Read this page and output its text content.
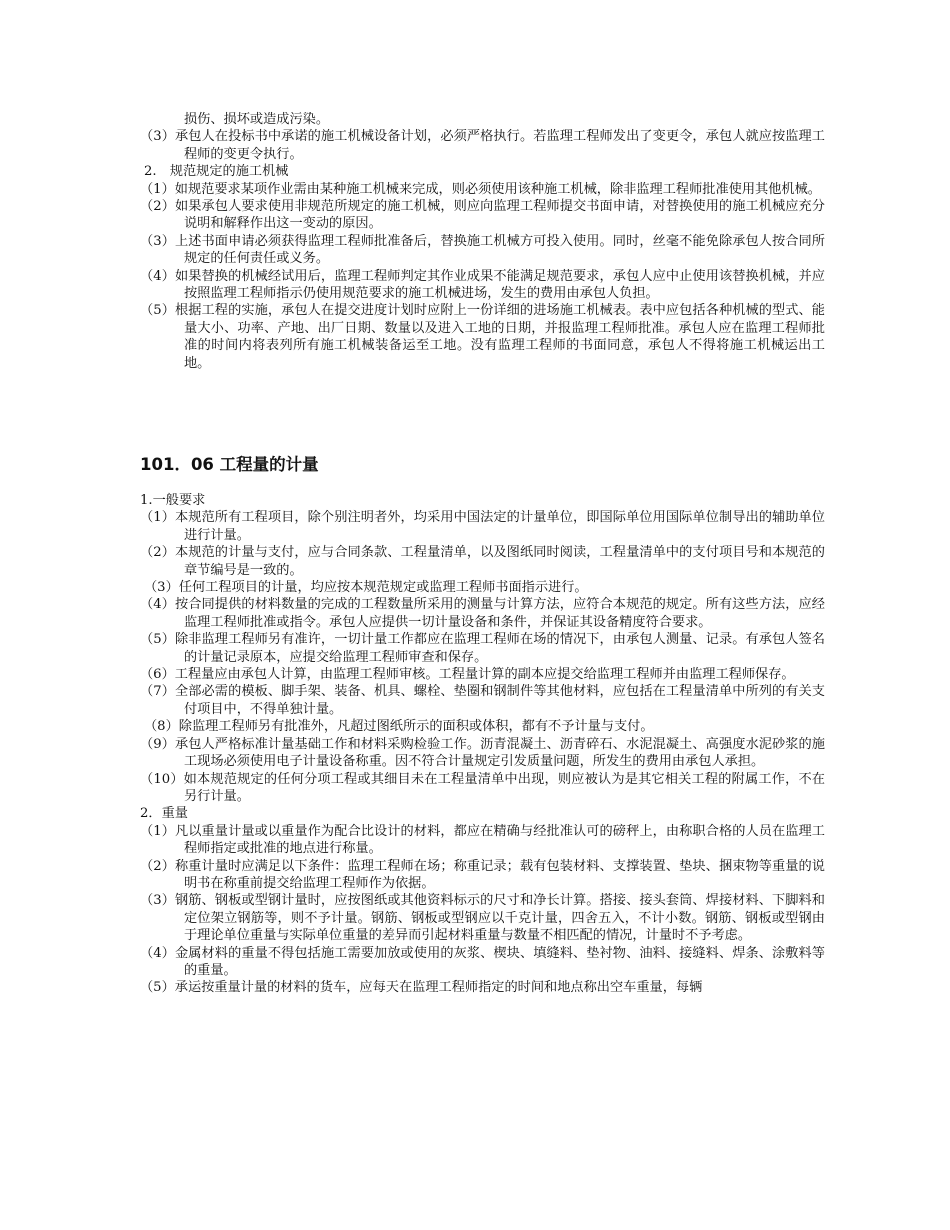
损伤、损坏或造成污染。

（3）承包人在投标书中承诺的施工机械设备计划，必须严格执行。若监理工程师发出了变更令，承包人就应按监理工程师的变更令执行。

2.　规范规定的施工机械

（1）如规范要求某项作业需由某种施工机械来完成，则必须使用该种施工机械，除非监理工程师批准使用其他机械。

（2）如果承包人要求使用非规范所规定的施工机械，则应向监理工程师提交书面申请，对替换使用的施工机械应充分说明和解释作出这一变动的原因。

（3）上述书面申请必须获得监理工程师批准备后，替换施工机械方可投入使用。同时，丝毫不能免除承包人按合同所规定的任何责任或义务。

（4）如果替换的机械经试用后，监理工程师判定其作业成果不能满足规范要求，承包人应中止使用该替换机械，并应按照监理工程师指示仍使用规范要求的施工机械进场，发生的费用由承包人负担。

（5）根据工程的实施，承包人在提交进度计划时应附上一份详细的进场施工机械表。表中应包括各种机械的型式、能量大小、功率、产地、出厂日期、数量以及进入工地的日期，并报监理工程师批准。承包人应在监理工程师批准的时间内将表列所有施工机械装备运至工地。没有监理工程师的书面同意，承包人不得将施工机械运出工地。

101．06 工程量的计量

1.一般要求

（1）本规范所有工程项目，除个别注明者外，均采用中国法定的计量单位，即国际单位用国际单位制导出的辅助单位进行计量。

（2）本规范的计量与支付，应与合同条款、工程量清单，以及图纸同时阅读，工程量清单中的支付项目号和本规范的章节编号是一致的。

（3）任何工程项目的计量，均应按本规范规定或监理工程师书面指示进行。

（4）按合同提供的材料数量的完成的工程数量所采用的测量与计算方法，应符合本规范的规定。所有这些方法，应经监理工程师批准或指令。承包人应提供一切计量设备和条件，并保证其设备精度符合要求。

（5）除非监理工程师另有准许，一切计量工作都应在监理工程师在场的情况下，由承包人测量、记录。有承包人签名的计量记录原本，应提交给监理工程师审查和保存。

（6）工程量应由承包人计算，由监理工程师审核。工程量计算的副本应提交给监理工程师并由监理工程师保存。

（7）全部必需的模板、脚手架、装备、机具、螺栓、垫圈和钢制件等其他材料，应包括在工程量清单中所列的有关支付项目中，不得单独计量。

（8）除监理工程师另有批准外，凡超过图纸所示的面积或体积，都有不予计量与支付。

（9）承包人严格标准计量基础工作和材料采购检验工作。沥青混凝土、沥青碎石、水泥混凝土、高强度水泥砂浆的施工现场必须使用电子计量设备称重。因不符合计量规定引发质量问题，所发生的费用由承包人承担。

（10）如本规范规定的任何分项工程或其细目未在工程量清单中出现，则应被认为是其它相关工程的附属工作，不在另行计量。

2．重量

（1）凡以重量计量或以重量作为配合比设计的材料，都应在精确与经批准认可的磅秤上，由称职合格的人员在监理工程师指定或批准的地点进行称量。

（2）称重计量时应满足以下条件：监理工程师在场；称重记录；载有包装材料、支撑装置、垫块、捆束物等重量的说明书在称重前提交给监理工程师作为依据。

（3）钢筋、钢板或型钢计量时，应按图纸或其他资料标示的尺寸和净长计算。搭接、接头套筒、焊接材料、下脚料和定位架立钢筋等，则不予计量。钢筋、钢板或型钢应以千克计量，四舍五入，不计小数。钢筋、钢板或型钢由于理论单位重量与实际单位重量的差异而引起材料重量与数量不相匹配的情况，计量时不予考虑。

（4）金属材料的重量不得包括施工需要加放或使用的灰浆、楔块、填缝料、垫衬物、油料、接缝料、焊条、涂敷料等的重量。

（5）承运按重量计量的材料的货车，应每天在监理工程师指定的时间和地点称出空车重量，每辆
